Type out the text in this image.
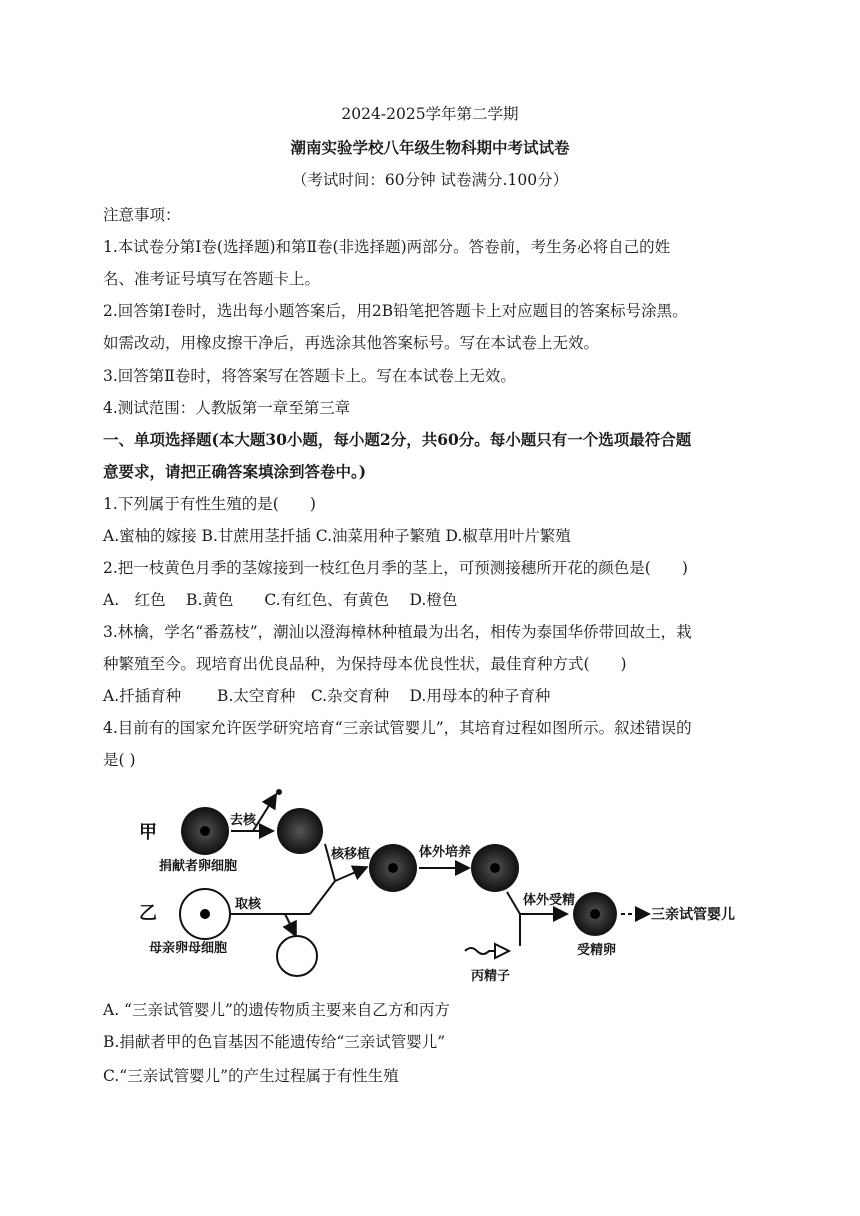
2024-2025学年第二学期
潮南实验学校八年级生物科期中考试试卷
（考试时间：60分钟 试卷满分.100分）
注意事项：
1.本试卷分第Ⅰ卷(选择题)和第Ⅱ卷(非选择题)两部分。答卷前，考生务必将自己的姓
名、准考证号填写在答题卡上。
2.回答第Ⅰ卷时，选出每小题答案后，用2B铅笔把答题卡上对应题目的答案标号涂黑。
如需改动，用橡皮擦干净后，再选涂其他答案标号。写在本试卷上无效。
3.回答第Ⅱ卷时，将答案写在答题卡上。写在本试卷上无效。
4.测试范围：人教版第一章至第三章
一、单项选择题(本大题30小题，每小题2分，共60分。每小题只有一个选项最符合题
意要求，请把正确答案填涂到答卷中。)
1.下列属于有性生殖的是(　　)
A.蜜柚的嫁接 B.甘蔗用茎扦插 C.油菜用种子繁殖 D.椒草用叶片繁殖
2.把一枝黄色月季的茎嫁接到一枝红色月季的茎上，可预测接穗所开花的颜色是(　　)
A.　红色　 B.黄色　　C.有红色、有黄色　 D.橙色
3.林檎，学名“番荔枝”，潮汕以澄海樟林种植最为出名，相传为泰国华侨带回故土，栽
种繁殖至今。现培育出优良品种，为保持母本优良性状，最佳育种方式(　　)
A.扦插育种　　 B.太空育种　C.杂交育种　 D.用母本的种子育种
4.目前有的国家允许医学研究培育“三亲试管婴儿”，其培育过程如图所示。叙述错误的
是( )
甲
乙
捐献者卵细胞
去核
母亲卵母细胞
取核
核移植	体外培养
体外受精
丙精子
受精卵
三亲试管婴儿
A. “三亲试管婴儿”的遗传物质主要来自乙方和丙方
B.捐献者甲的色盲基因不能遗传给“三亲试管婴儿”
C.“三亲试管婴儿”的产生过程属于有性生殖
